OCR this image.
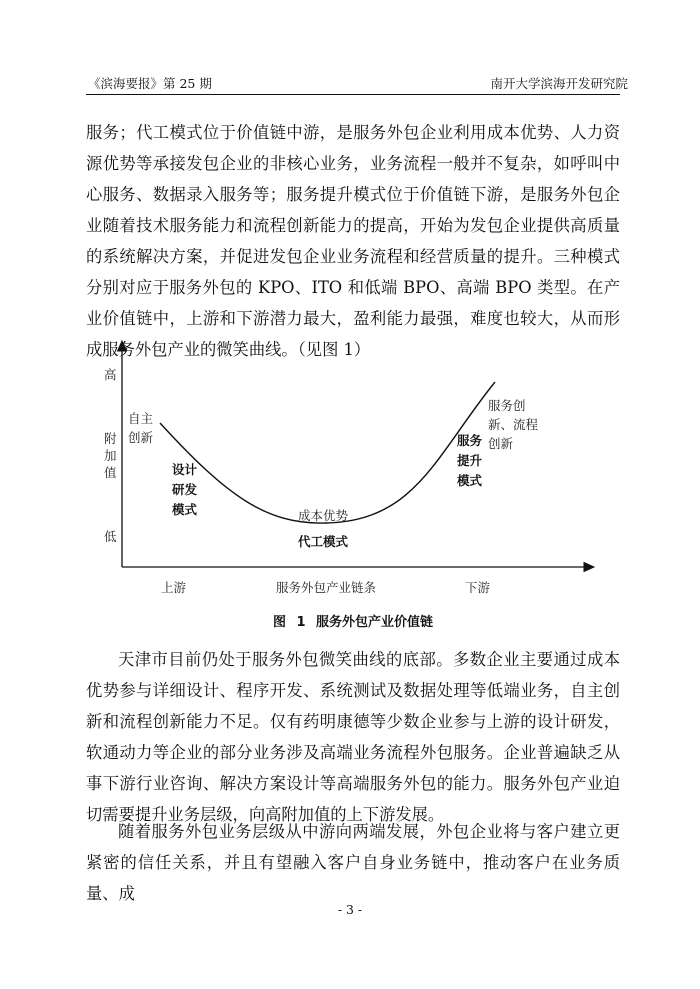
《滨海要报》第 25 期	南开大学滨海开发研究院

服务；代工模式位于价值链中游，是服务外包企业利用成本优势、人力资源优势等承接发包企业的非核心业务，业务流程一般并不复杂，如呼叫中心服务、数据录入服务等；服务提升模式位于价值链下游，是服务外包企业随着技术服务能力和流程创新能力的提高，开始为发包企业提供高质量的系统解决方案，并促进发包企业业务流程和经营质量的提升。三种模式分别对应于服务外包的 KPO、ITO 和低端 BPO、高端 BPO 类型。在产业价值链中，上游和下游潜力最大，盈利能力最强，难度也较大，从而形成服务外包产业的微笑曲线。（见图 1）

高
附加值
低
自主创新
设计研发模式	成本优势
代工模式
服务创新、流程创新
服务提升模式
上游	服务外包产业链条	下游
图 1 服务外包产业价值链

天津市目前仍处于服务外包微笑曲线的底部。多数企业主要通过成本优势参与详细设计、程序开发、系统测试及数据处理等低端业务，自主创新和流程创新能力不足。仅有药明康德等少数企业参与上游的设计研发，软通动力等企业的部分业务涉及高端业务流程外包服务。企业普遍缺乏从事下游行业咨询、解决方案设计等高端服务外包的能力。服务外包产业迫切需要提升业务层级，向高附加值的上下游发展。

随着服务外包业务层级从中游向两端发展，外包企业将与客户建立更紧密的信任关系，并且有望融入客户自身业务链中，推动客户在业务质量、成

- 3 -
